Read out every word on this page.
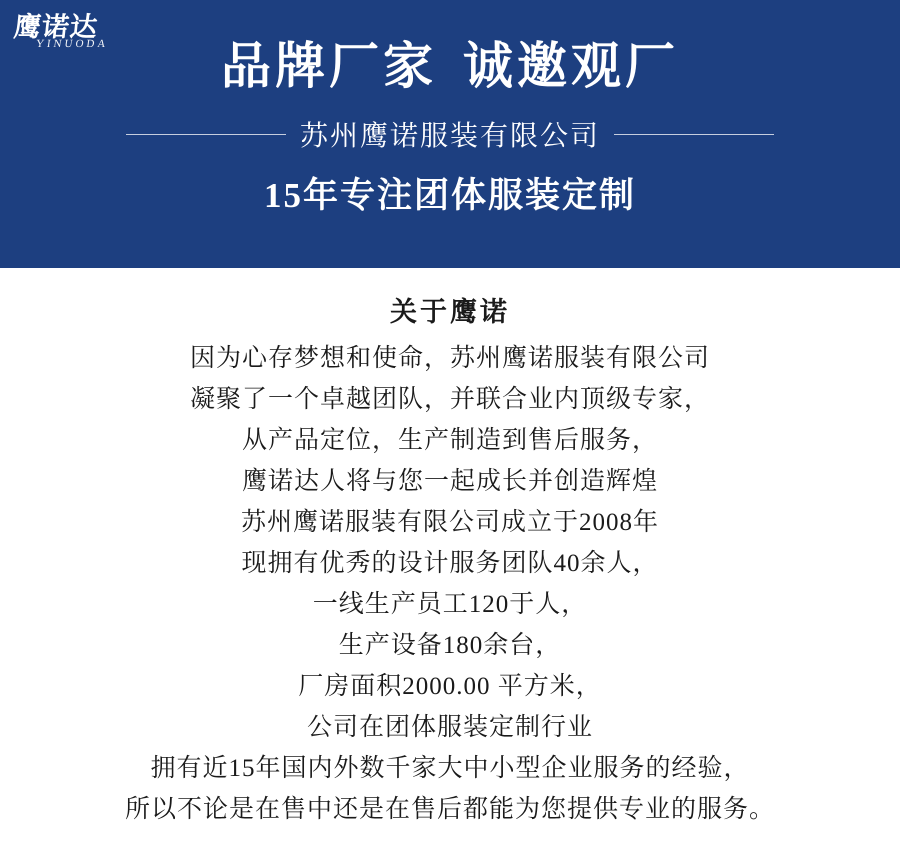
鹰诺达
YINUODA	品牌厂家 诚邀观厂
苏州鹰诺服装有限公司
15年专注团体服装定制
关于鹰诺
因为心存梦想和使命，苏州鹰诺服装有限公司
凝聚了一个卓越团队，并联合业内顶级专家，
从产品定位，生产制造到售后服务，
鹰诺达人将与您一起成长并创造辉煌
苏州鹰诺服装有限公司成立于2008年
现拥有优秀的设计服务团队40余人，
一线生产员工120于人，
生产设备180余台，
厂房面积2000.00 平方米，
公司在团体服装定制行业
拥有近15年国内外数千家大中小型企业服务的经验，
所以不论是在售中还是在售后都能为您提供专业的服务。
